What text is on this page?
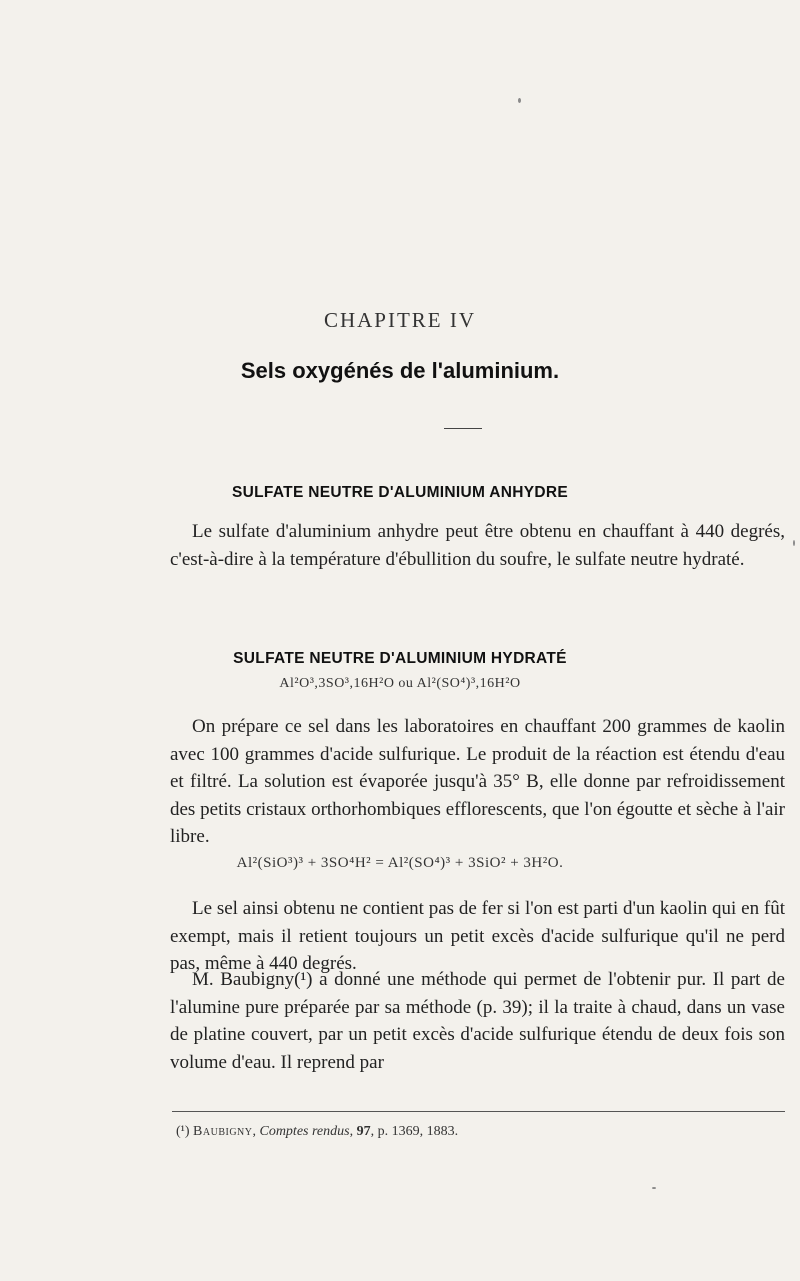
CHAPITRE IV
Sels oxygénés de l'aluminium.
SULFATE NEUTRE D'ALUMINIUM ANHYDRE
Le sulfate d'aluminium anhydre peut être obtenu en chauffant à 440 degrés, c'est-à-dire à la température d'ébullition du soufre, le sulfate neutre hydraté.
SULFATE NEUTRE D'ALUMINIUM HYDRATÉ
Al²O³,3SO³,16H²O ou Al²(SO⁴)³,16H²O
On prépare ce sel dans les laboratoires en chauffant 200 grammes de kaolin avec 100 grammes d'acide sulfurique. Le produit de la réaction est étendu d'eau et filtré. La solution est évaporée jusqu'à 35° B, elle donne par refroidissement des petits cristaux orthorhombiques efflorescents, que l'on égoutte et sèche à l'air libre.
Al²(SiO³)³ + 3SO⁴H² = Al²(SO⁴)³ + 3SiO² + 3H²O.
Le sel ainsi obtenu ne contient pas de fer si l'on est parti d'un kaolin qui en fût exempt, mais il retient toujours un petit excès d'acide sulfurique qu'il ne perd pas, même à 440 degrés.
M. Baubigny(¹) a donné une méthode qui permet de l'obtenir pur. Il part de l'alumine pure préparée par sa méthode (p. 39); il la traite à chaud, dans un vase de platine couvert, par un petit excès d'acide sulfurique étendu de deux fois son volume d'eau. Il reprend par
(¹) Baubigny, Comptes rendus, 97, p. 1369, 1883.
